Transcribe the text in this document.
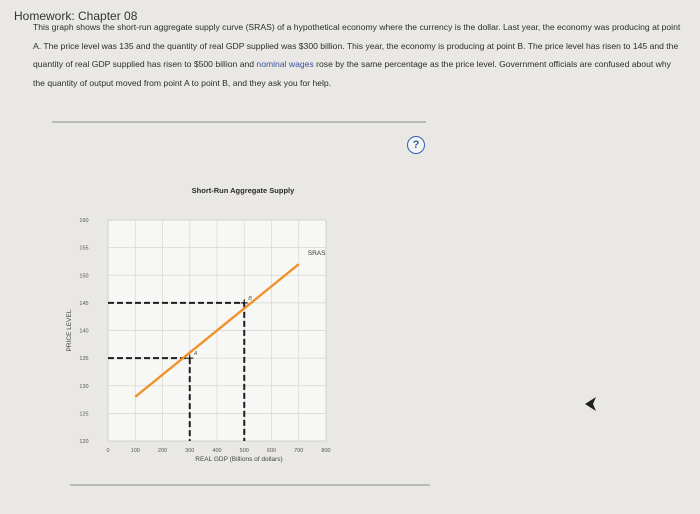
Homework: Chapter 08
This graph shows the short-run aggregate supply curve (SRAS) of a hypothetical economy where the currency is the dollar. Last year, the economy was producing at point A. The price level was 135 and the quantity of real GDP supplied was $300 billion. This year, the economy is producing at point B. The price level has risen to 145 and the quantity of real GDP supplied has risen to $500 billion and nominal wages rose by the same percentage as the price level. Government officials are confused about why the quantity of output moved from point A to point B, and they ask you for help.
?
0	100	200	300	400	500	600	700	800
120
125
130
135
140
145
150
155
160
Short-Run Aggregate Supply
REAL GDP (Billions of dollars)
PRICE LEVEL
SRAS
A
B
